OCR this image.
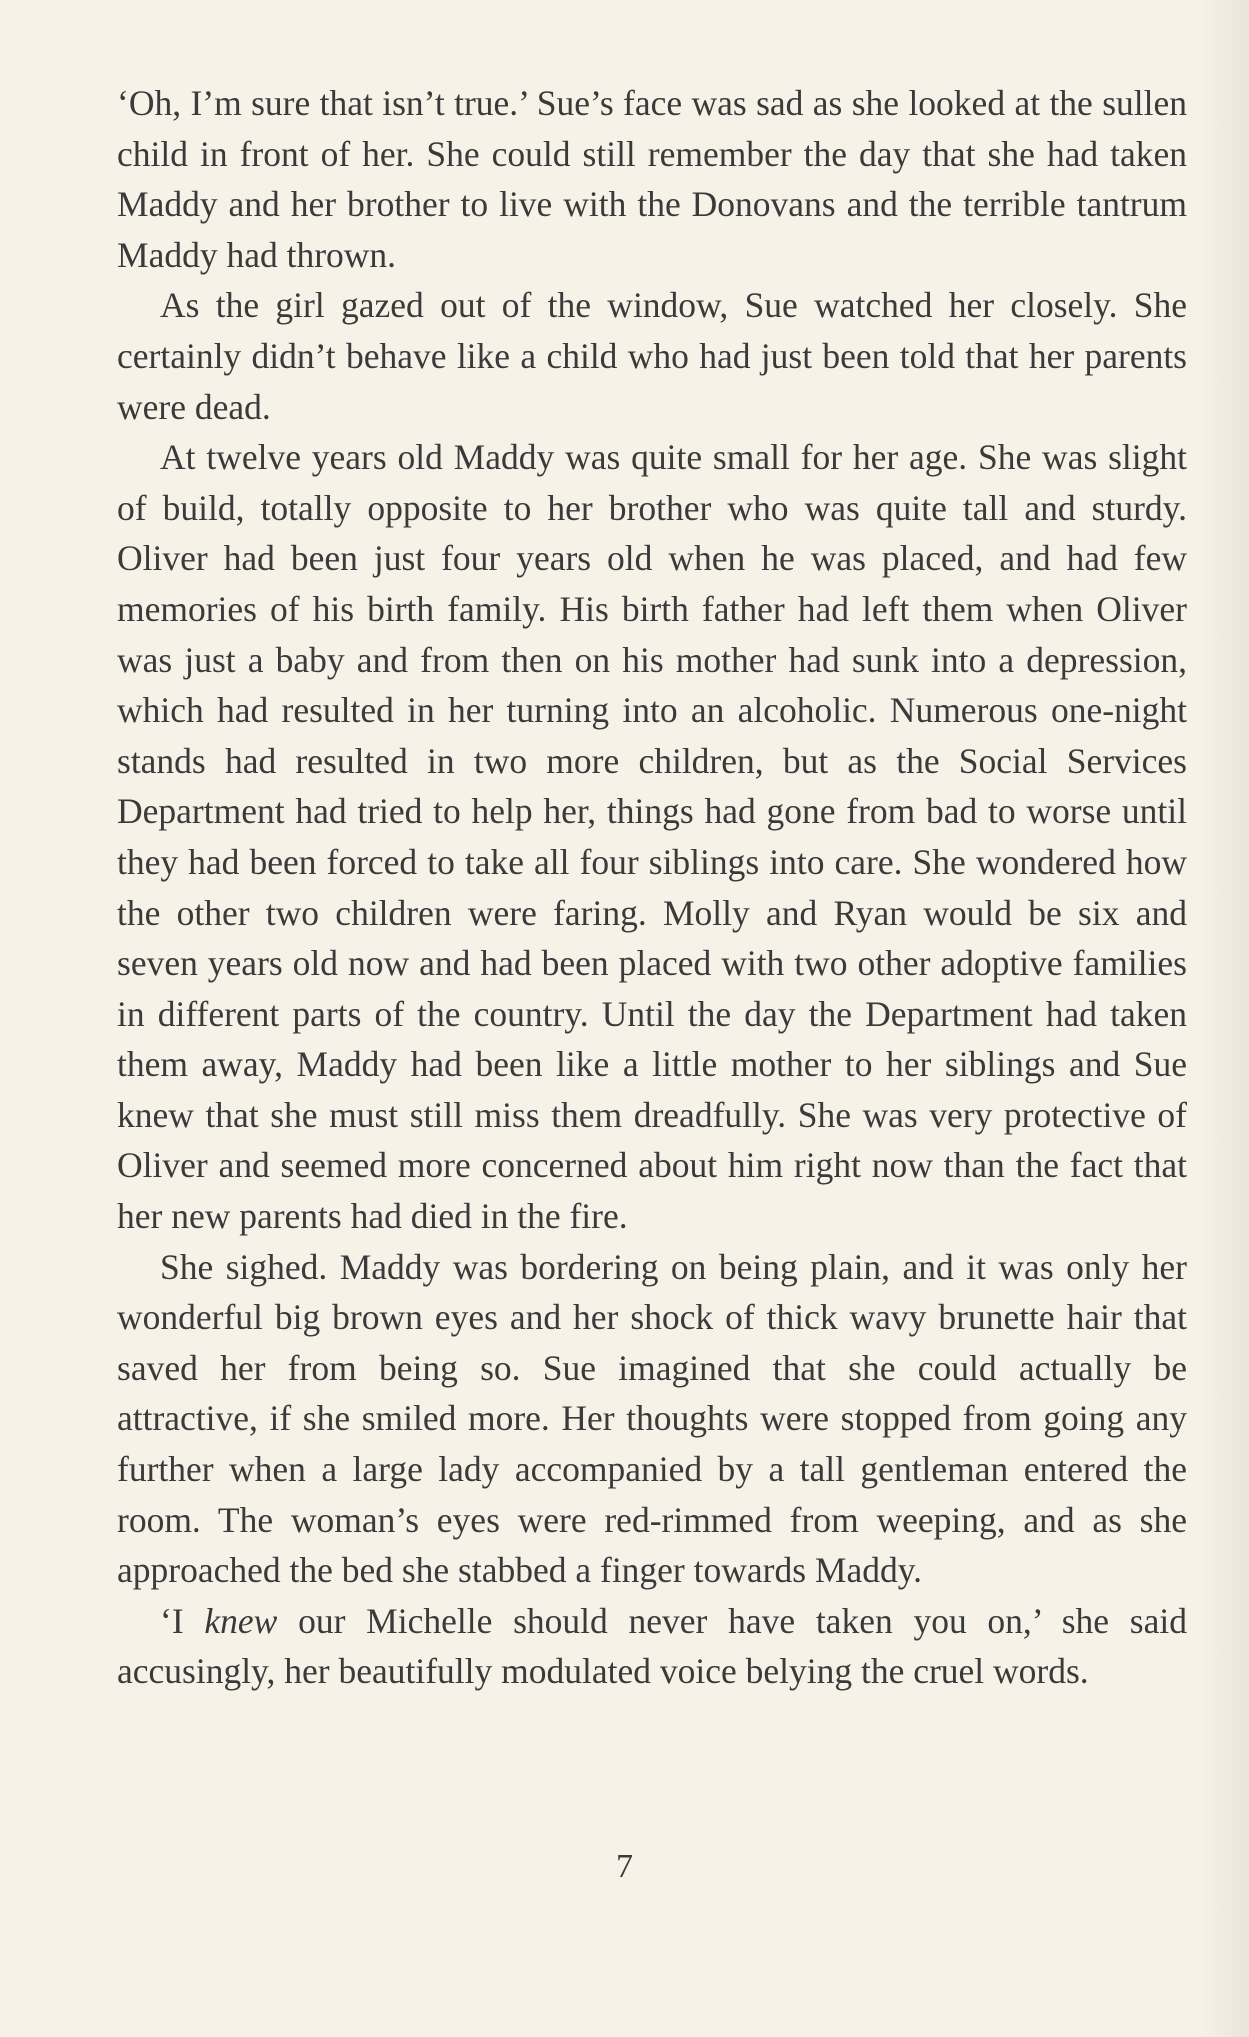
‘Oh, I’m sure that isn’t true.’ Sue’s face was sad as she looked at the sullen child in front of her. She could still remember the day that she had taken Maddy and her brother to live with the Donovans and the terrible tantrum Maddy had thrown.

As the girl gazed out of the window, Sue watched her closely. She certainly didn’t behave like a child who had just been told that her parents were dead.

At twelve years old Maddy was quite small for her age. She was slight of build, totally opposite to her brother who was quite tall and sturdy. Oliver had been just four years old when he was placed, and had few memories of his birth family. His birth father had left them when Oliver was just a baby and from then on his mother had sunk into a depression, which had resulted in her turning into an alcoholic. Numerous one-night stands had resulted in two more children, but as the Social Services Department had tried to help her, things had gone from bad to worse until they had been forced to take all four siblings into care. She wondered how the other two children were faring. Molly and Ryan would be six and seven years old now and had been placed with two other adoptive families in different parts of the country. Until the day the Department had taken them away, Maddy had been like a little mother to her siblings and Sue knew that she must still miss them dreadfully. She was very protective of Oliver and seemed more concerned about him right now than the fact that her new parents had died in the fire.

She sighed. Maddy was bordering on being plain, and it was only her wonderful big brown eyes and her shock of thick wavy brunette hair that saved her from being so. Sue imagined that she could actually be attractive, if she smiled more. Her thoughts were stopped from going any further when a large lady accompanied by a tall gentleman entered the room. The woman’s eyes were red-rimmed from weeping, and as she approached the bed she stabbed a finger towards Maddy.

‘I knew our Michelle should never have taken you on,’ she said accusingly, her beautifully modulated voice belying the cruel words.

7
